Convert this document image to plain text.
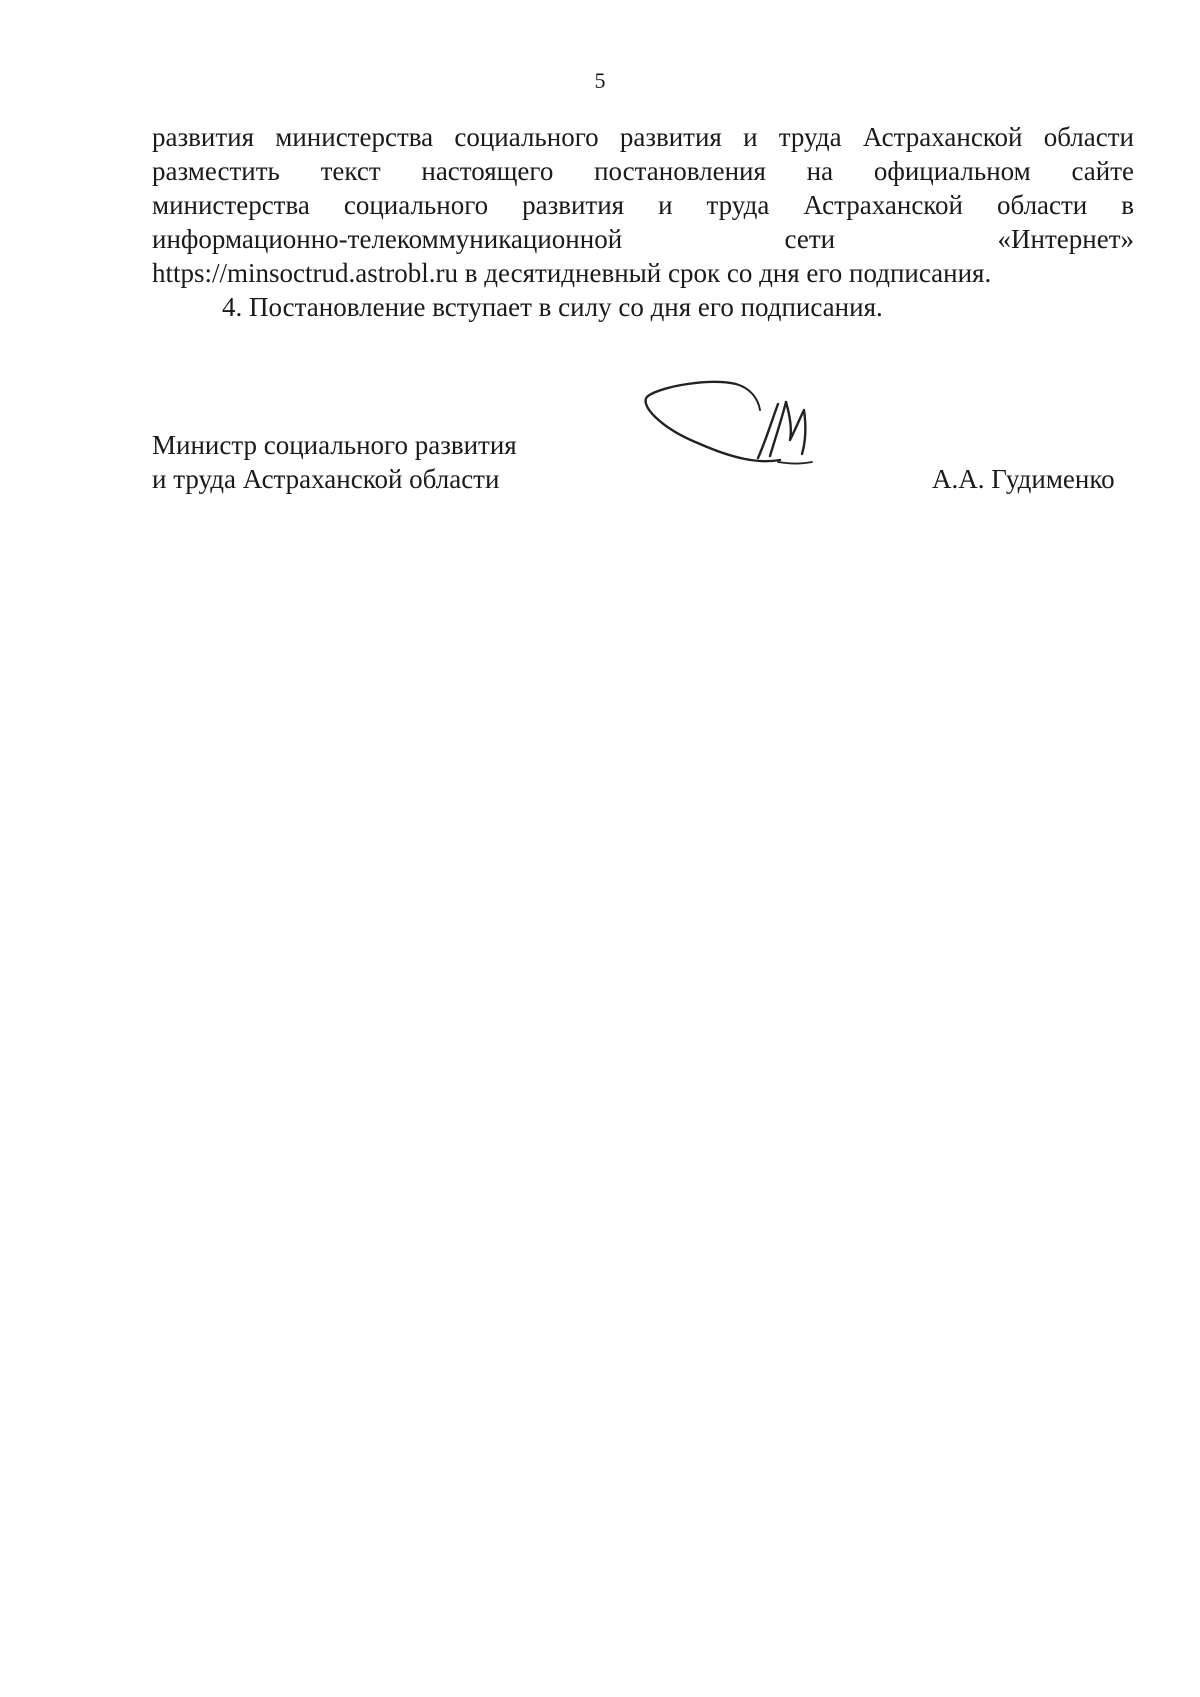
5
развития министерства социального развития и труда Астраханской области
разместить текст настоящего постановления на официальном сайте
министерства социального развития и труда Астраханской области в
информационно-телекоммуникационной сети «Интернет»
https://minsoctrud.astrobl.ru в десятидневный срок со дня его подписания.
4. Постановление вступает в силу со дня его подписания.
Министр социального развития
и труда Астраханской области	А.А. Гудименко
